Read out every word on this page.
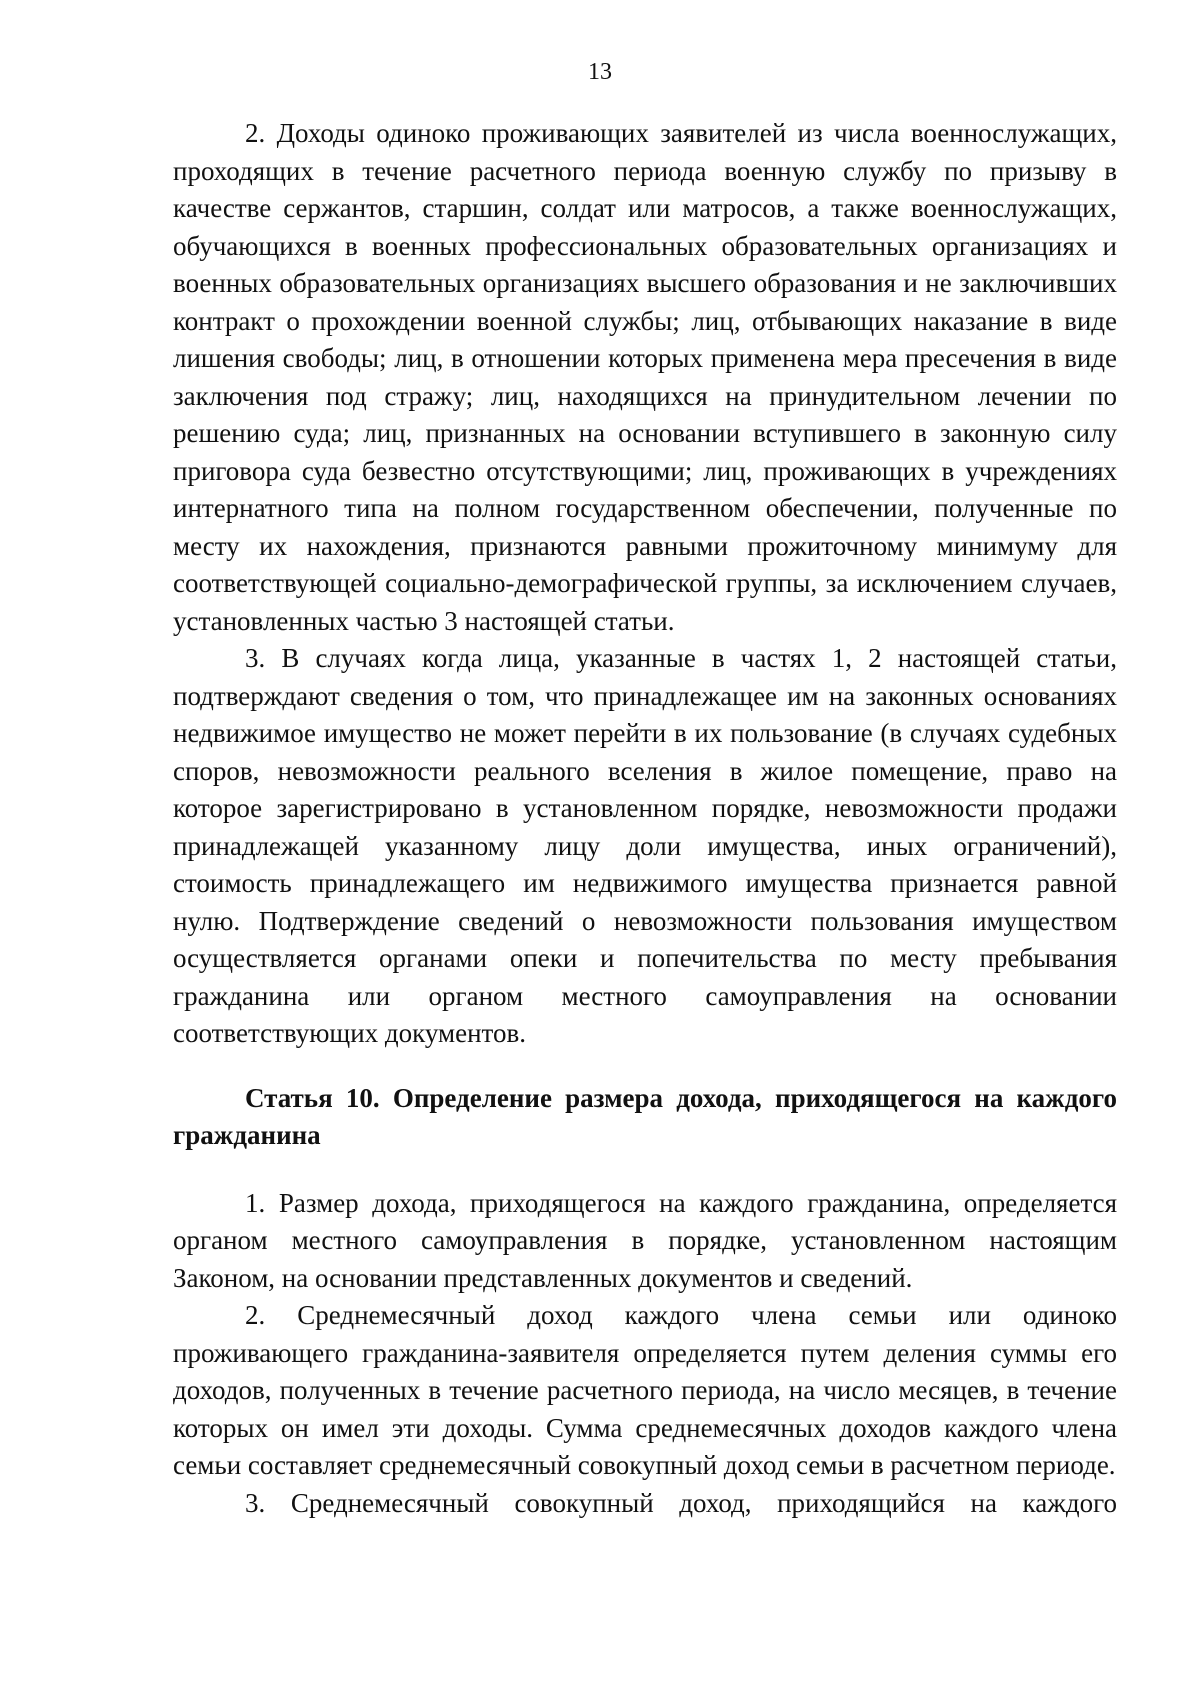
13

2. Доходы одиноко проживающих заявителей из числа военнослужащих, проходящих в течение расчетного периода военную службу по призыву в качестве сержантов, старшин, солдат или матросов, а также военнослужащих, обучающихся в военных профессиональных образовательных организациях и военных образовательных организациях высшего образования и не заключивших контракт о прохождении военной службы; лиц, отбывающих наказание в виде лишения свободы; лиц, в отношении которых применена мера пресечения в виде заключения под стражу; лиц, находящихся на принудительном лечении по решению суда; лиц, признанных на основании вступившего в законную силу приговора суда безвестно отсутствующими; лиц, проживающих в учреждениях интернатного типа на полном государственном обеспечении, полученные по месту их нахождения, признаются равными прожиточному минимуму для соответствующей социально-демографической группы, за исключением случаев, установленных частью 3 настоящей статьи.

3. В случаях когда лица, указанные в частях 1, 2 настоящей статьи, подтверждают сведения о том, что принадлежащее им на законных основаниях недвижимое имущество не может перейти в их пользование (в случаях судебных споров, невозможности реального вселения в жилое помещение, право на которое зарегистрировано в установленном порядке, невозможности продажи принадлежащей указанному лицу доли имущества, иных ограничений), стоимость принадлежащего им недвижимого имущества признается равной нулю. Подтверждение сведений о невозможности пользования имуществом осуществляется органами опеки и попечительства по месту пребывания гражданина или органом местного самоуправления на основании соответствующих документов.

Статья 10. Определение размера дохода, приходящегося на каждого гражданина

1. Размер дохода, приходящегося на каждого гражданина, определяется органом местного самоуправления в порядке, установленном настоящим Законом, на основании представленных документов и сведений.

2. Среднемесячный доход каждого члена семьи или одиноко проживающего гражданина-заявителя определяется путем деления суммы его доходов, полученных в течение расчетного периода, на число месяцев, в течение которых он имел эти доходы. Сумма среднемесячных доходов каждого члена семьи составляет среднемесячный совокупный доход семьи в расчетном периоде.

3. Среднемесячный совокупный доход, приходящийся на каждого
